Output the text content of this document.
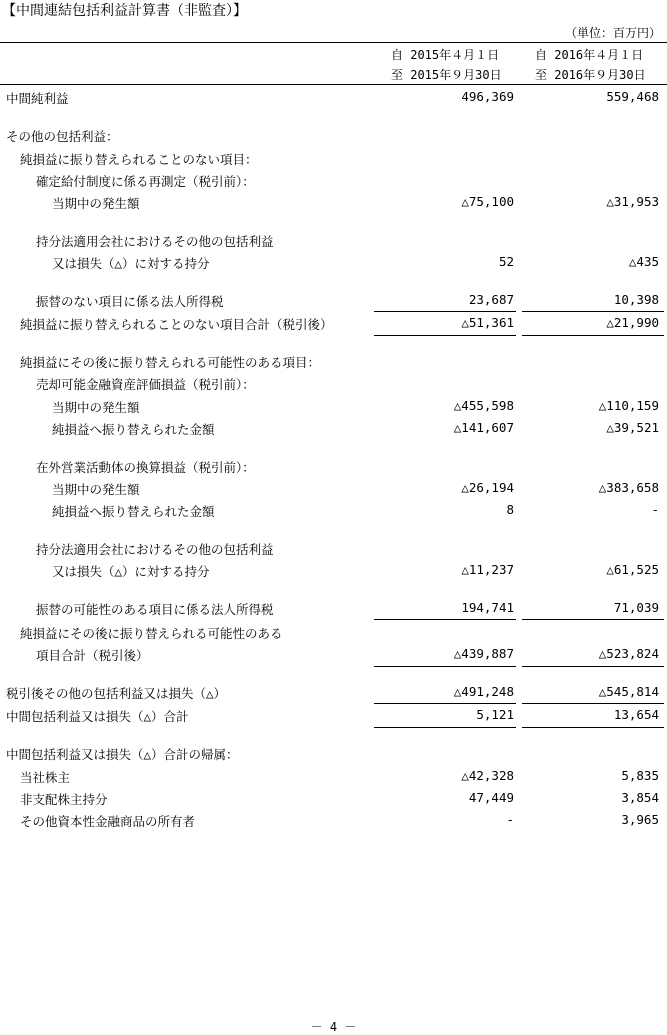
【中間連結包括利益計算書（非監査）】
（単位：百万円）
自 2015年４月１日
至 2015年９月30日
自 2016年４月１日
至 2016年９月30日
中間純利益	496,369	559,468
その他の包括利益：
純損益に振り替えられることのない項目：
確定給付制度に係る再測定（税引前）：
当期中の発生額	△75,100	△31,953
持分法適用会社におけるその他の包括利益
又は損失（△）に対する持分	52	△435
振替のない項目に係る法人所得税	23,687	10,398
純損益に振り替えられることのない項目合計（税引後）	△51,361	△21,990
純損益にその後に振り替えられる可能性のある項目：
売却可能金融資産評価損益（税引前）：
当期中の発生額	△455,598	△110,159
純損益へ振り替えられた金額	△141,607	△39,521
在外営業活動体の換算損益（税引前）：
当期中の発生額	△26,194	△383,658
純損益へ振り替えられた金額	8	-
持分法適用会社におけるその他の包括利益
又は損失（△）に対する持分	△11,237	△61,525
振替の可能性のある項目に係る法人所得税	194,741	71,039
純損益にその後に振り替えられる可能性のある
項目合計（税引後）	△439,887	△523,824
税引後その他の包括利益又は損失（△）	△491,248	△545,814
中間包括利益又は損失（△）合計	5,121	13,654
中間包括利益又は損失（△）合計の帰属：
当社株主	△42,328	5,835
非支配株主持分	47,449	3,854
その他資本性金融商品の所有者	-	3,965
－ 4 －
